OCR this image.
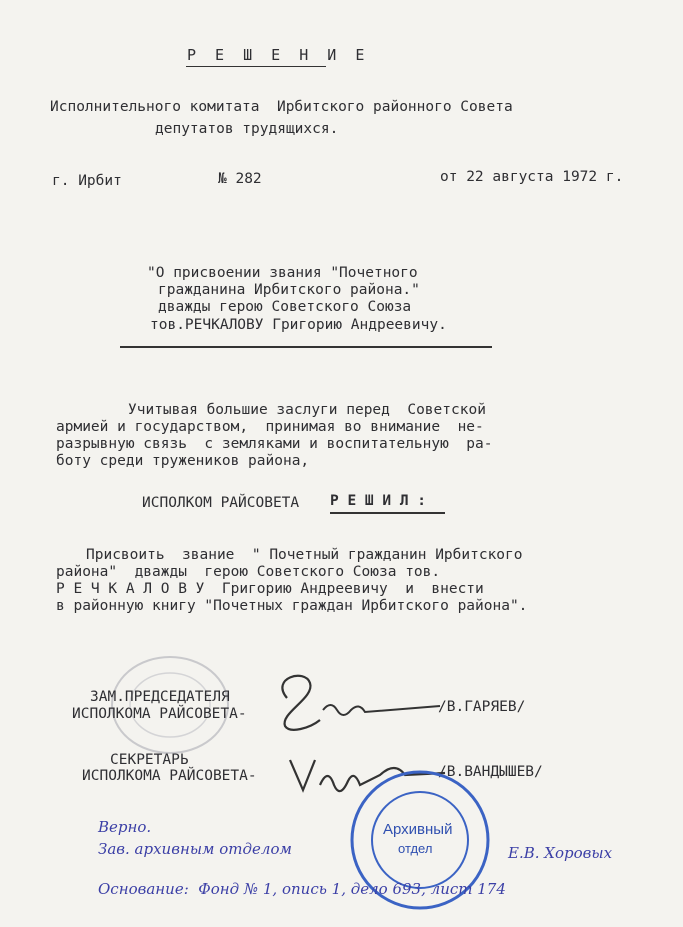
Р Е Ш Е Н И Е
Исполнительного комитата  Ирбитского районного Совета
депутатов трудящихся.
г. Ирбит	№ 282	от 22 августа 1972 г.
"О присвоении звания "Почетного
гражданина Ирбитского района."
дважды герою Советского Союза
тов.РЕЧКАЛОВУ Григорию Андреевичу.
Учитывая большие заслуги перед  Советской
армией и государством,  принимая во внимание  не-
разрывную связь  с земляками и воспитательную  ра-
боту среди тружеников района,
ИСПОЛКОМ РАЙСОВЕТА Р Е Ш И Л :
Присвоить  звание  " Почетный гражданин Ирбитского
района"  дважды  герою Советского Союза тов.
Р Е Ч К А Л О В У  Григорию Андреевичу  и  внести
в районную книгу "Почетных граждан Ирбитского района".
ЗАМ.ПРЕДСЕДАТЕЛЯ
ИСПОЛКОМА РАЙСОВЕТА-	/В.ГАРЯЕВ/
СЕКРЕТАРЬ
ИСПОЛКОМА РАЙСОВЕТА-	/В.ВАНДЫШЕВ/
Архивный
отдел
Верно.
Зав. архивным отделом	Е.В. Хоровых
Основание:  Фонд № 1, опись 1, дело 693, лист 174
